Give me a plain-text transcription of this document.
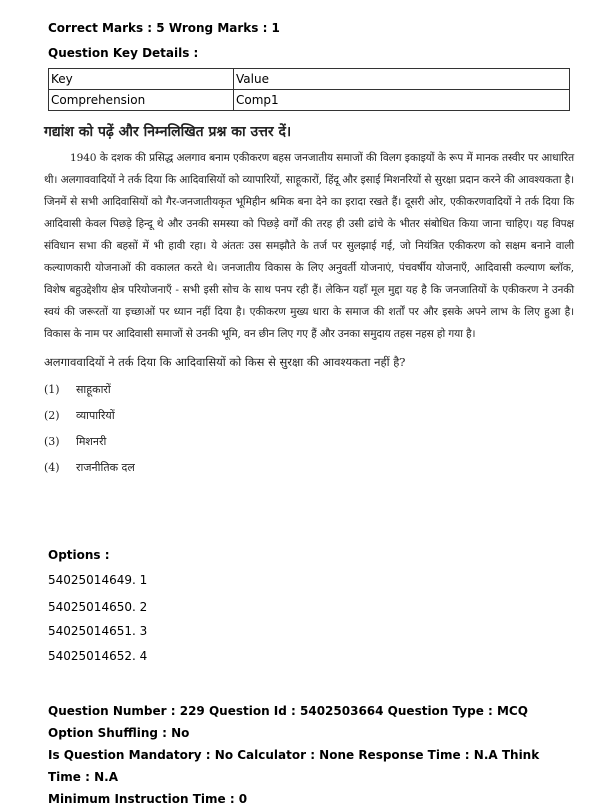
Correct Marks : 5 Wrong Marks : 1
Question Key Details :
Key	Value
Comprehension	Comp1
गद्यांश को पढ़ें और निम्नलिखित प्रश्न का उत्तर दें।

1940 के दशक की प्रसिद्ध अलगाव बनाम एकीकरण बहस जनजातीय समाजों की विलग इकाइयों के रूप में मानक तस्वीर पर आधारित थी। अलगाववादियों ने तर्क दिया कि आदिवासियों को व्यापारियों, साहूकारों, हिंदू और इसाई मिशनरियों से सुरक्षा प्रदान करने की आवश्यकता है। जिनमें से सभी आदिवासियों को गैर-जनजातीयकृत भूमिहीन श्रमिक बना देने का इरादा रखते हैं। दूसरी ओर, एकीकरणवादियों ने तर्क दिया कि आदिवासी केवल पिछड़े हिन्दू थे और उनकी समस्या को पिछड़े वर्गों की तरह ही उसी ढांचे के भीतर संबोधित किया जाना चाहिए। यह विपक्ष संविधान सभा की बहसों में भी हावी रहा। ये अंततः उस समझौते के तर्ज पर सुलझाई गई, जो नियंत्रित एकीकरण को सक्षम बनाने वाली कल्याणकारी योजनाओं की वकालत करते थे। जनजातीय विकास के लिए अनुवर्ती योजनाएं, पंचवर्षीय योजनाएँ, आदिवासी कल्याण ब्लॉक, विशेष बहुउद्देशीय क्षेत्र परियोजनाएँ - सभी इसी सोच के साथ पनप रही हैं। लेकिन यहाँ मूल मुद्दा यह है कि जनजातियों के एकीकरण ने उनकी स्वयं की जरूरतों या इच्छाओं पर ध्यान नहीं दिया है। एकीकरण मुख्य धारा के समाज की शर्तों पर और इसके अपने लाभ के लिए हुआ है। विकास के नाम पर आदिवासी समाजों से उनकी भूमि, वन छीन लिए गए हैं और उनका समुदाय तहस नहस हो गया है।

अलगाववादियों ने तर्क दिया कि आदिवासियों को किस से सुरक्षा की आवश्यकता नहीं है?
(1)	साहूकारों
(2)	व्यापारियों
(3)	मिशनरी
(4)	राजनीतिक दल
Options :
54025014649. 1
54025014650. 2
54025014651. 3
54025014652. 4
Question Number : 229 Question Id : 5402503664 Question Type : MCQ Option Shuffling : No
Is Question Mandatory : No Calculator : None Response Time : N.A Think Time : N.A
Minimum Instruction Time : 0
